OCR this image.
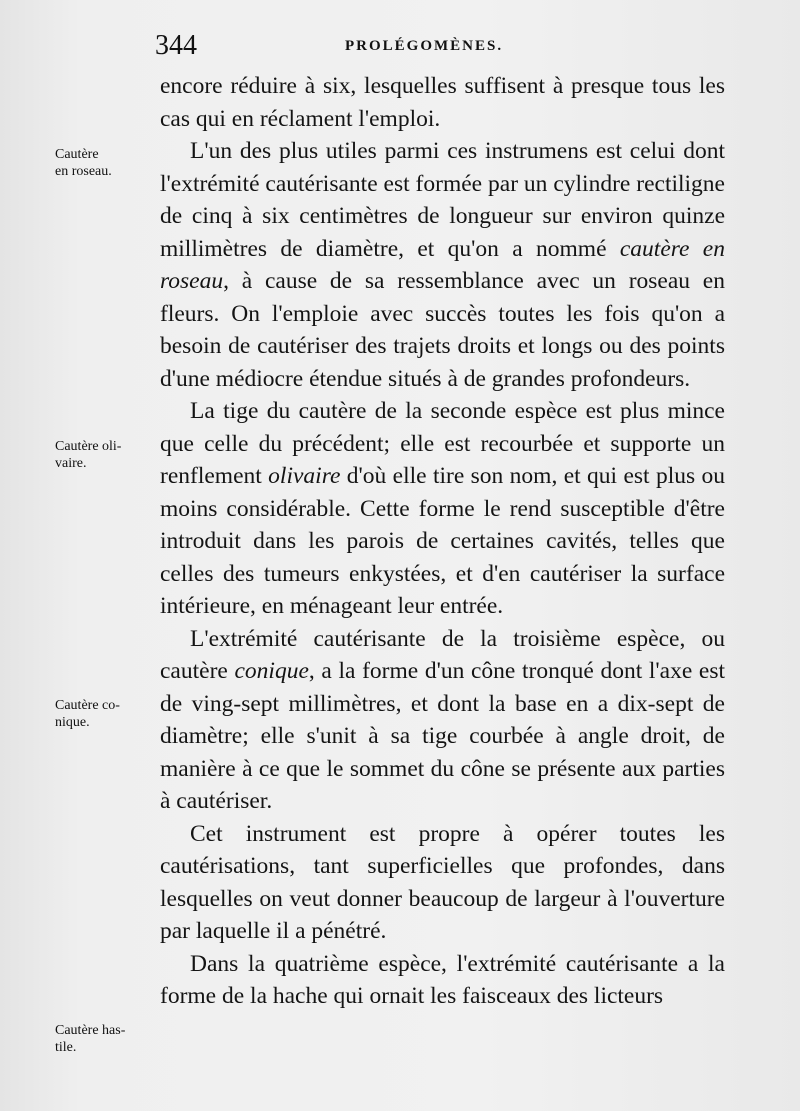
344	PROLÉGOMÈNES.
Cautère
en roseau.
Cautère oli-
vaire.
Cautère co-
nique.
Cautère has-
tile.

encore réduire à six, lesquelles suffisent à presque tous les cas qui en réclament l'emploi.

L'un des plus utiles parmi ces instrumens est celui dont l'extrémité cautérisante est formée par un cylindre rectiligne de cinq à six centimètres de longueur sur environ quinze millimètres de diamètre, et qu'on a nommé cautère en roseau, à cause de sa ressemblance avec un roseau en fleurs. On l'emploie avec succès toutes les fois qu'on a besoin de cautériser des trajets droits et longs ou des points d'une médiocre étendue situés à de grandes profondeurs.

La tige du cautère de la seconde espèce est plus mince que celle du précédent; elle est recourbée et supporte un renflement olivaire d'où elle tire son nom, et qui est plus ou moins considérable. Cette forme le rend susceptible d'être introduit dans les parois de certaines cavités, telles que celles des tumeurs enkystées, et d'en cautériser la surface intérieure, en ménageant leur entrée.

L'extrémité cautérisante de la troisième espèce, ou cautère conique, a la forme d'un cône tronqué dont l'axe est de ving-sept millimètres, et dont la base en a dix-sept de diamètre; elle s'unit à sa tige courbée à angle droit, de manière à ce que le sommet du cône se présente aux parties à cautériser.

Cet instrument est propre à opérer toutes les cautérisations, tant superficielles que profondes, dans lesquelles on veut donner beaucoup de largeur à l'ouverture par laquelle il a pénétré.

Dans la quatrième espèce, l'extrémité cautérisante a la forme de la hache qui ornait les faisceaux des licteurs
